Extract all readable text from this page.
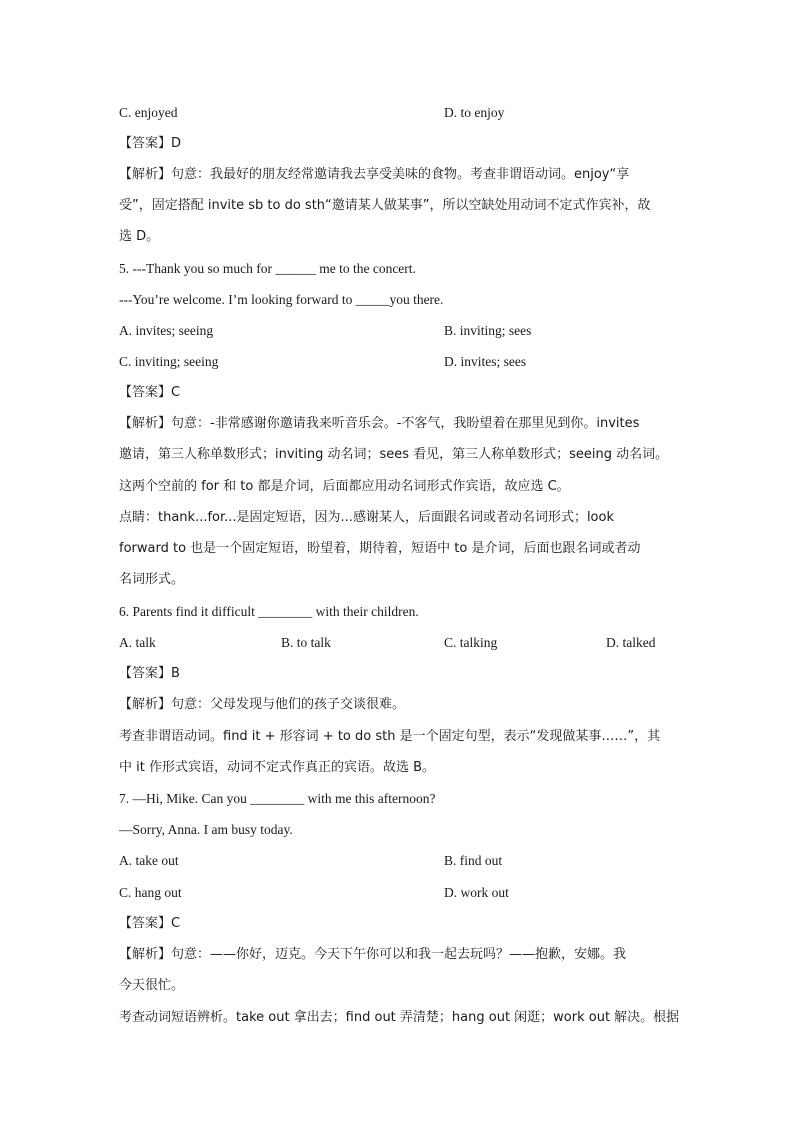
C. enjoyed	D. to enjoy
【答案】D
【解析】句意：我最好的朋友经常邀请我去享受美味的食物。考查非谓语动词。enjoy“享
受”，固定搭配 invite sb to do sth“邀请某人做某事”，所以空缺处用动词不定式作宾补，故
选 D。
5. ---Thank you so much for ______ me to the concert.
---You’re welcome. I’m looking forward to _____you there.
A. invites; seeing	B. inviting; sees
C. inviting; seeing	D. invites; sees
【答案】C
【解析】句意：-非常感谢你邀请我来听音乐会。-不客气，我盼望着在那里见到你。invites
邀请，第三人称单数形式；inviting 动名词；sees 看见，第三人称单数形式；seeing 动名词。
这两个空前的 for 和 to 都是介词，后面都应用动名词形式作宾语，故应选 C。
点睛：thank...for...是固定短语，因为...感谢某人，后面跟名词或者动名词形式；look
forward to 也是一个固定短语，盼望着，期待着，短语中 to 是介词，后面也跟名词或者动
名词形式。
6. Parents find it difficult ________ with their children.
A. talk	B. to talk	C. talking	D. talked
【答案】B
【解析】句意：父母发现与他们的孩子交谈很难。
考查非谓语动词。find it + 形容词 + to do sth 是一个固定句型，表示“发现做某事……”，其
中 it 作形式宾语，动词不定式作真正的宾语。故选 B。
7. —Hi, Mike. Can you ________ with me this afternoon?
—Sorry, Anna. I am busy today.
A. take out	B. find out
C. hang out	D. work out
【答案】C
【解析】句意：——你好，迈克。今天下午你可以和我一起去玩吗？——抱歉，安娜。我
今天很忙。
考查动词短语辨析。take out 拿出去；find out 弄清楚；hang out 闲逛；work out 解决。根据
